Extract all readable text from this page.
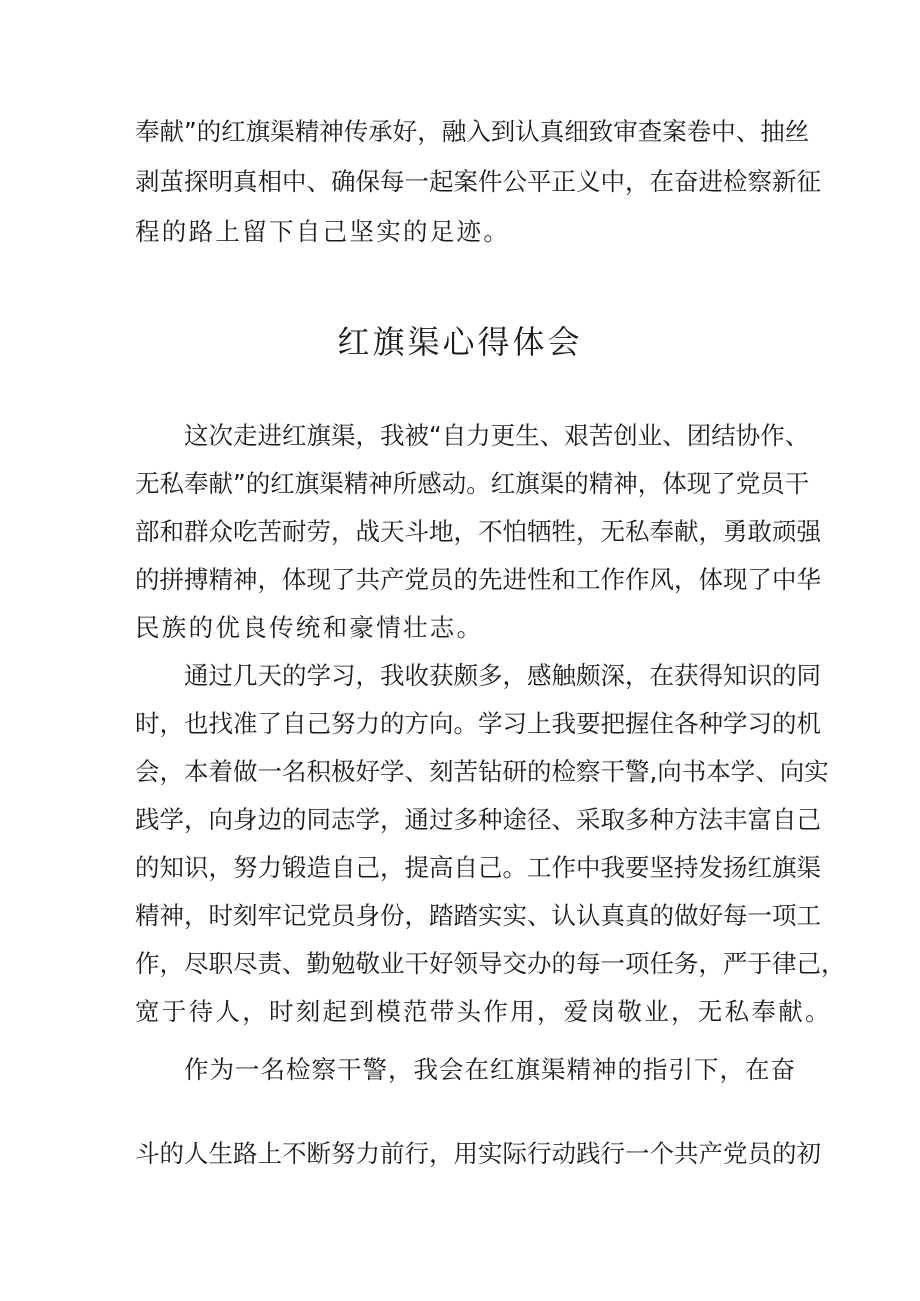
奉献”的红旗渠精神传承好，融入到认真细致审查案卷中、抽丝
剥茧探明真相中、确保每一起案件公平正义中，在奋进检察新征
程的路上留下自己坚实的足迹。
红旗渠心得体会
这次走进红旗渠，我被“自力更生、艰苦创业、团结协作、
无私奉献”的红旗渠精神所感动。红旗渠的精神，体现了党员干
部和群众吃苦耐劳，战天斗地，不怕牺牲，无私奉献，勇敢顽强
的拼搏精神，体现了共产党员的先进性和工作作风，体现了中华
民族的优良传统和豪情壮志。
通过几天的学习，我收获颇多，感触颇深，在获得知识的同
时，也找准了自己努力的方向。学习上我要把握住各种学习的机
会，本着做一名积极好学、刻苦钻研的检察干警,向书本学、向实
践学，向身边的同志学，通过多种途径、采取多种方法丰富自己
的知识，努力锻造自己，提高自己。工作中我要坚持发扬红旗渠
精神，时刻牢记党员身份，踏踏实实、认认真真的做好每一项工
作，尽职尽责、勤勉敬业干好领导交办的每一项任务，严于律己，
宽于待人，时刻起到模范带头作用，爱岗敬业，无私奉献。
作为一名检察干警，我会在红旗渠精神的指引下，在奋
斗的人生路上不断努力前行，用实际行动践行一个共产党员的初
